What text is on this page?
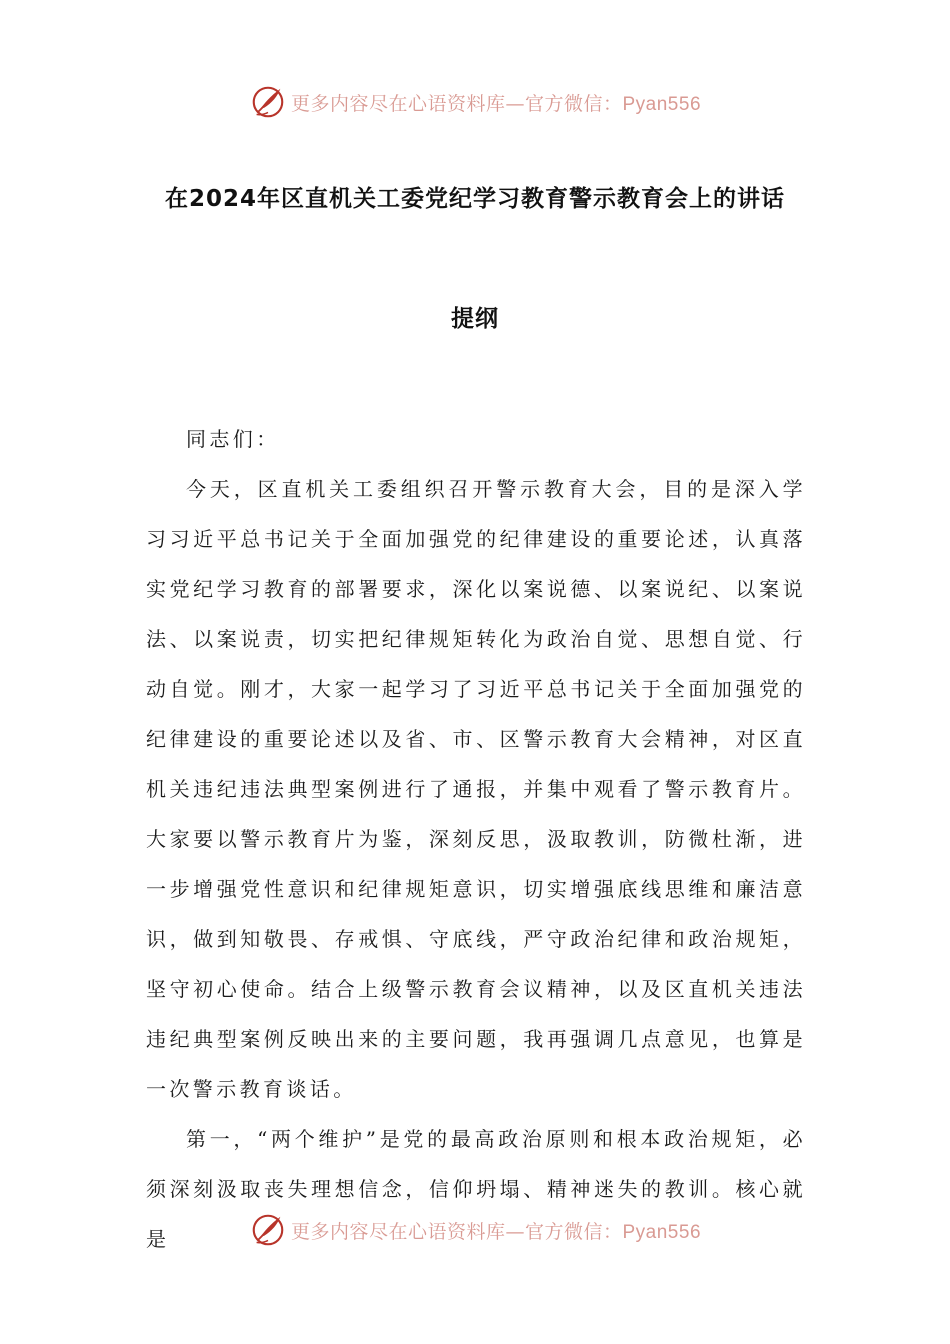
更多内容尽在心语资料库—官方微信：Pyan556
在2024年区直机关工委党纪学习教育警示教育会上的讲话
提纲

同志们：

今天，区直机关工委组织召开警示教育大会，目的是深入学习习近平总书记关于全面加强党的纪律建设的重要论述，认真落实党纪学习教育的部署要求，深化以案说德、以案说纪、以案说法、以案说责，切实把纪律规矩转化为政治自觉、思想自觉、行动自觉。刚才，大家一起学习了习近平总书记关于全面加强党的纪律建设的重要论述以及省、市、区警示教育大会精神，对区直机关违纪违法典型案例进行了通报，并集中观看了警示教育片。大家要以警示教育片为鉴，深刻反思，汲取教训，防微杜渐，进一步增强党性意识和纪律规矩意识，切实增强底线思维和廉洁意识，做到知敬畏、存戒惧、守底线，严守政治纪律和政治规矩，坚守初心使命。结合上级警示教育会议精神，以及区直机关违法违纪典型案例反映出来的主要问题，我再强调几点意见，也算是一次警示教育谈话。

第一，“两个维护”是党的最高政治原则和根本政治规矩，必须深刻汲取丧失理想信念，信仰坍塌、精神迷失的教训。核心就是	更多内容尽在心语资料库—官方微信：Pyan556
